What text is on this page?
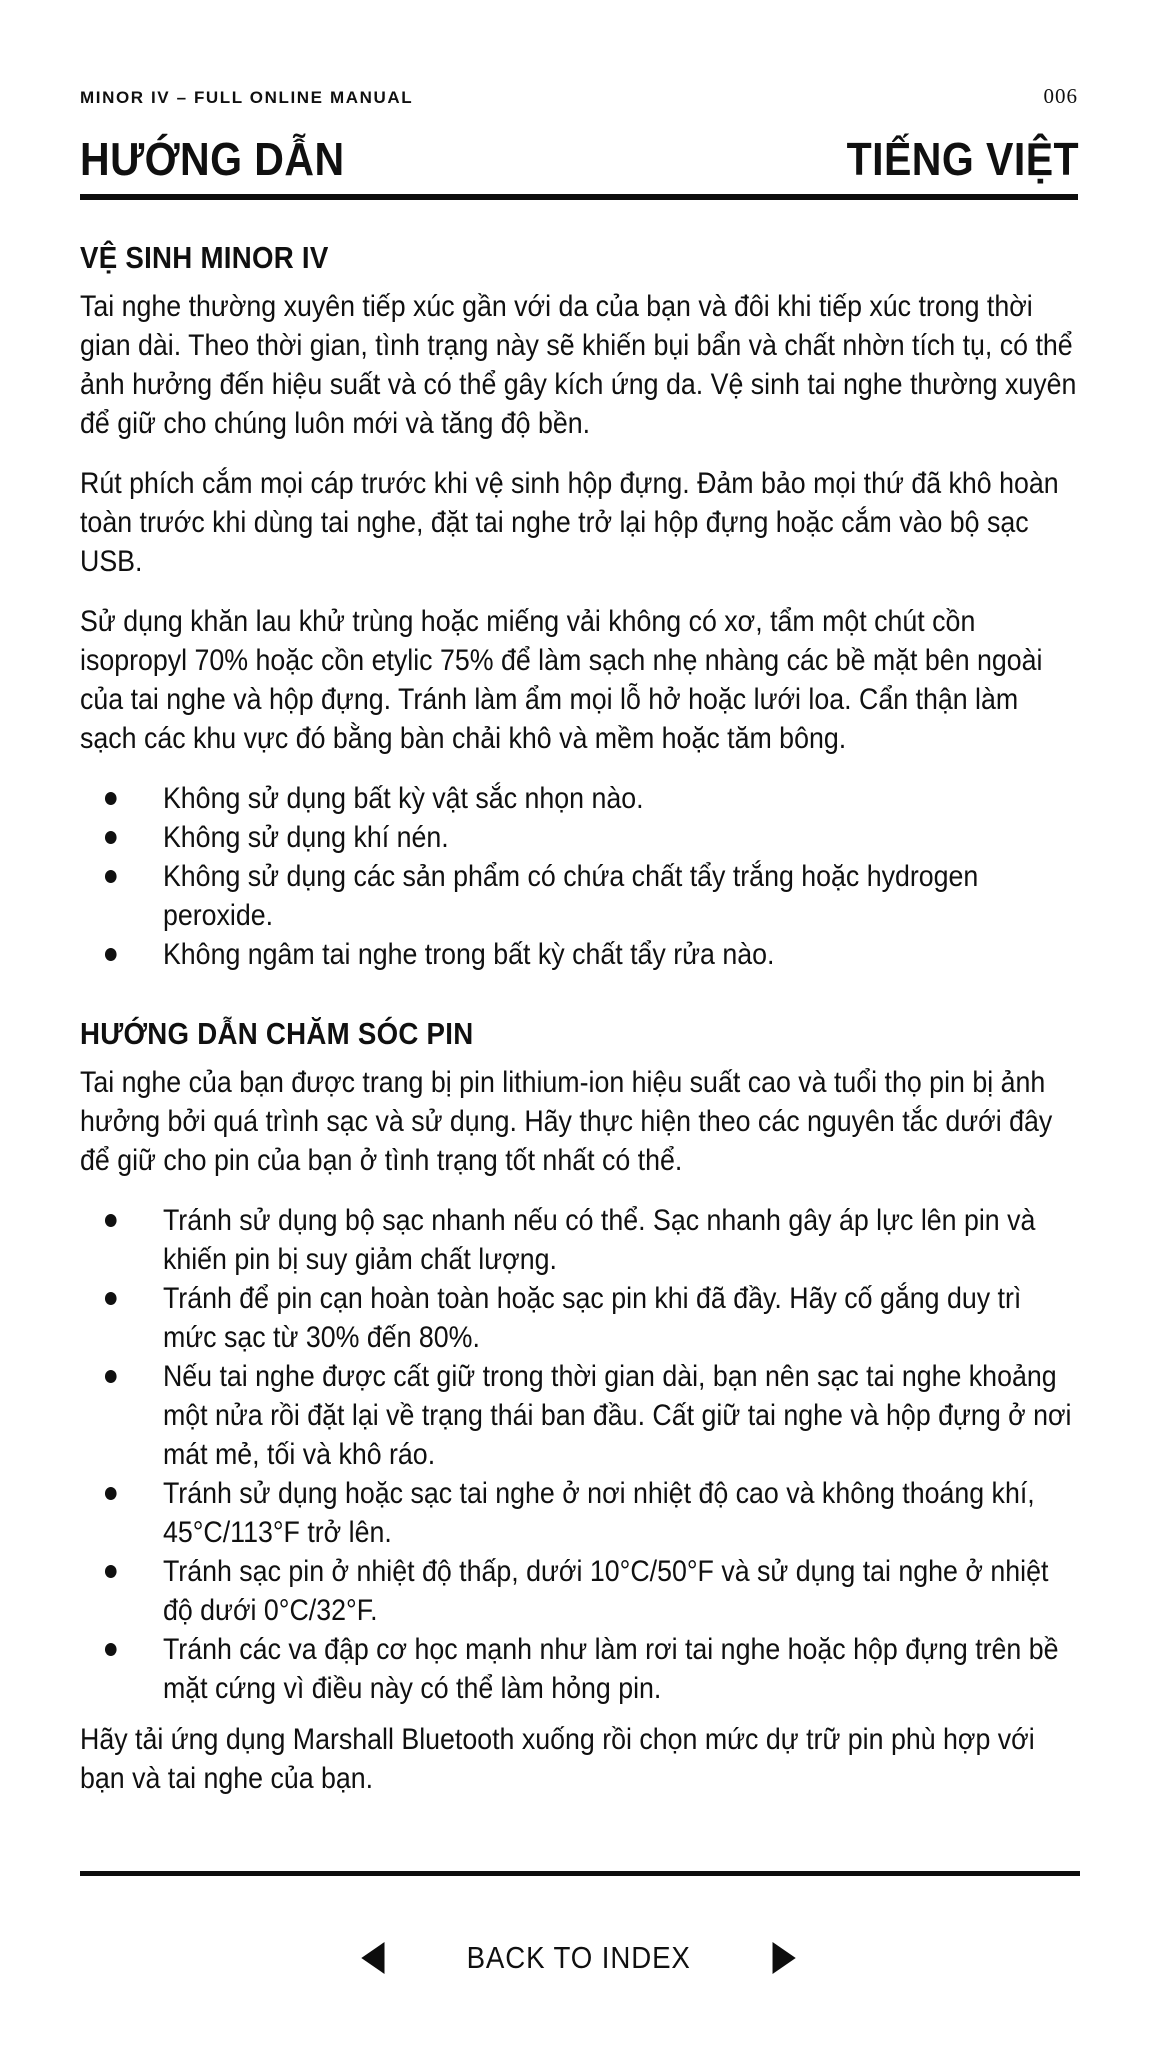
MINOR IV – FULL ONLINE MANUAL	006
HƯỚNG DẪN	TIẾNG VIỆT
VỆ SINH MINOR IV

Tai nghe thường xuyên tiếp xúc gần với da của bạn và đôi khi tiếp xúc trong thời gian dài. Theo thời gian, tình trạng này sẽ khiến bụi bẩn và chất nhờn tích tụ, có thể ảnh hưởng đến hiệu suất và có thể gây kích ứng da. Vệ sinh tai nghe thường xuyên để giữ cho chúng luôn mới và tăng độ bền.

Rút phích cắm mọi cáp trước khi vệ sinh hộp đựng. Đảm bảo mọi thứ đã khô hoàn toàn trước khi dùng tai nghe, đặt tai nghe trở lại hộp đựng hoặc cắm vào bộ sạc USB.

Sử dụng khăn lau khử trùng hoặc miếng vải không có xơ, tẩm một chút cồn isopropyl 70% hoặc cồn etylic 75% để làm sạch nhẹ nhàng các bề mặt bên ngoài của tai nghe và hộp đựng. Tránh làm ẩm mọi lỗ hở hoặc lưới loa. Cẩn thận làm sạch các khu vực đó bằng bàn chải khô và mềm hoặc tăm bông.

Không sử dụng bất kỳ vật sắc nhọn nào.
Không sử dụng khí nén.
Không sử dụng các sản phẩm có chứa chất tẩy trắng hoặc hydrogen peroxide.
Không ngâm tai nghe trong bất kỳ chất tẩy rửa nào.
HƯỚNG DẪN CHĂM SÓC PIN

Tai nghe của bạn được trang bị pin lithium-ion hiệu suất cao và tuổi thọ pin bị ảnh hưởng bởi quá trình sạc và sử dụng. Hãy thực hiện theo các nguyên tắc dưới đây để giữ cho pin của bạn ở tình trạng tốt nhất có thể.

Tránh sử dụng bộ sạc nhanh nếu có thể. Sạc nhanh gây áp lực lên pin và khiến pin bị suy giảm chất lượng.
Tránh để pin cạn hoàn toàn hoặc sạc pin khi đã đầy. Hãy cố gắng duy trì mức sạc từ 30% đến 80%.
Nếu tai nghe được cất giữ trong thời gian dài, bạn nên sạc tai nghe khoảng một nửa rồi đặt lại về trạng thái ban đầu. Cất giữ tai nghe và hộp đựng ở nơi mát mẻ, tối và khô ráo.
Tránh sử dụng hoặc sạc tai nghe ở nơi nhiệt độ cao và không thoáng khí, 45°C/113°F trở lên.
Tránh sạc pin ở nhiệt độ thấp, dưới 10°C/50°F và sử dụng tai nghe ở nhiệt độ dưới 0°C/32°F.
Tránh các va đập cơ học mạnh như làm rơi tai nghe hoặc hộp đựng trên bề mặt cứng vì điều này có thể làm hỏng pin.

Hãy tải ứng dụng Marshall Bluetooth xuống rồi chọn mức dự trữ pin phù hợp với bạn và tai nghe của bạn.

BACK TO INDEX
